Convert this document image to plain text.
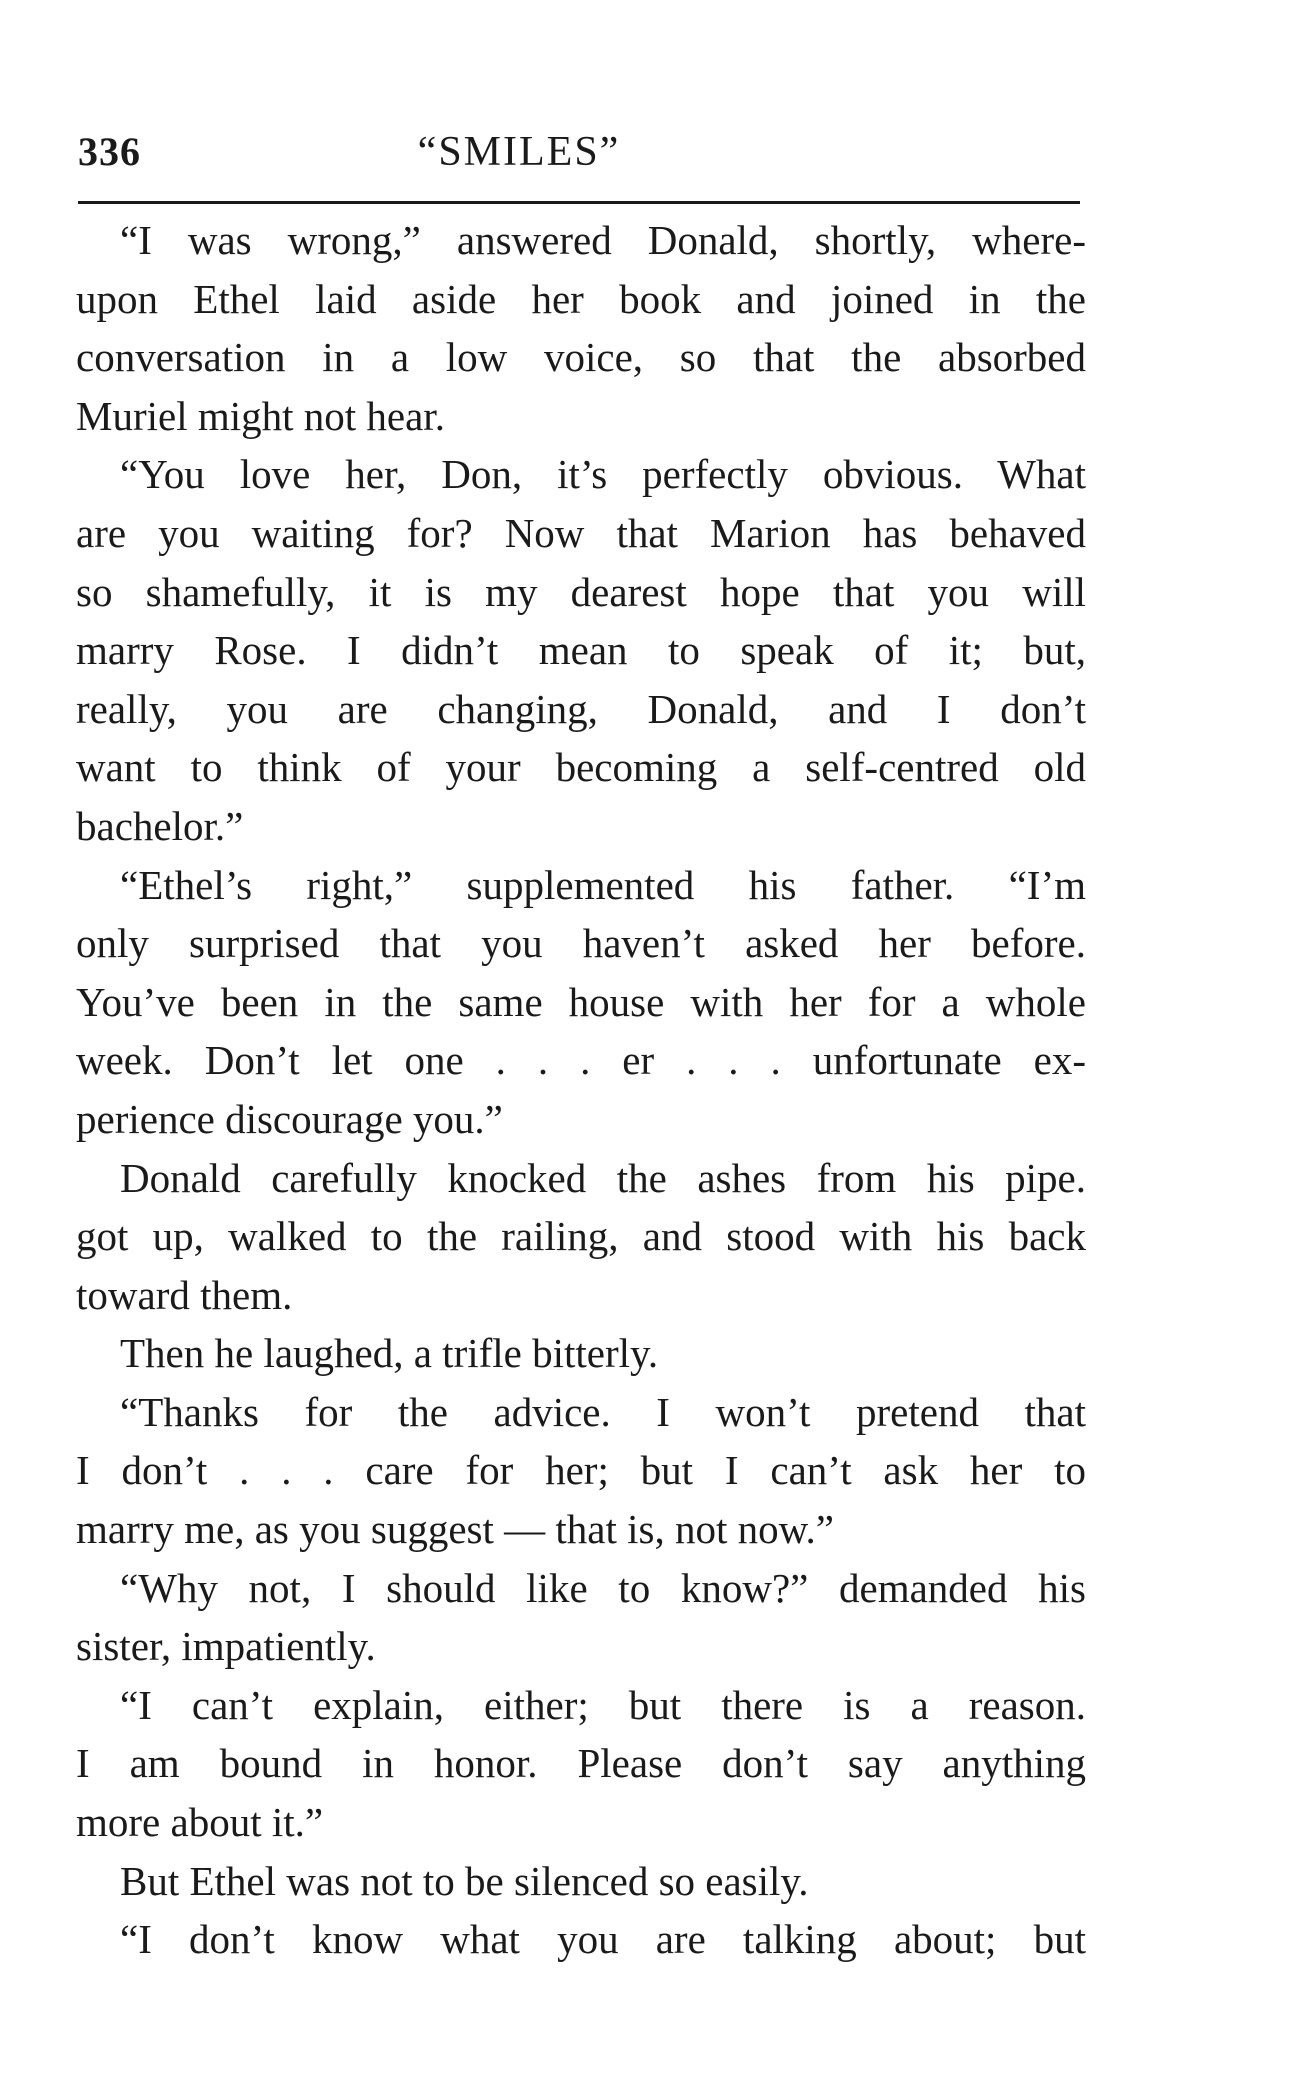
336	“SMILES”
“I was wrong,” answered Donald, shortly, where-
upon Ethel laid aside her book and joined in the
conversation in a low voice, so that the absorbed
Muriel might not hear.
“You love her, Don, it’s perfectly obvious. What
are you waiting for? Now that Marion has behaved
so shamefully, it is my dearest hope that you will
marry Rose. I didn’t mean to speak of it; but,
really, you are changing, Donald, and I don’t
want to think of your becoming a self-centred old
bachelor.”
“Ethel’s right,” supplemented his father. “I’m
only surprised that you haven’t asked her before.
You’ve been in the same house with her for a whole
week. Don’t let one . . . er . . . unfortunate ex-
perience discourage you.”
Donald carefully knocked the ashes from his pipe.
got up, walked to the railing, and stood with his back
toward them.
Then he laughed, a trifle bitterly.
“Thanks for the advice. I won’t pretend that
I don’t . . . care for her; but I can’t ask her to
marry me, as you suggest — that is, not now.”
“Why not, I should like to know?” demanded his
sister, impatiently.
“I can’t explain, either; but there is a reason.
I am bound in honor. Please don’t say anything
more about it.”
But Ethel was not to be silenced so easily.
“I don’t know what you are talking about; but
